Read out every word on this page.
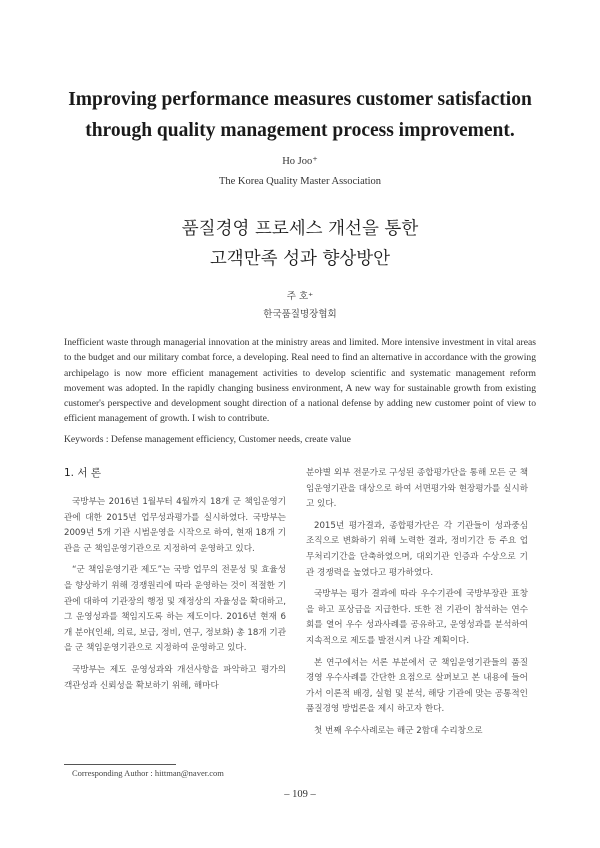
Improving performance measures customer satisfaction
through quality management process improvement.
Ho Joo⁺
The Korea Quality Master Association
품질경영 프로세스 개선을 통한
고객만족 성과 향상방안
주 호⁺
한국품질명장협회
Inefficient waste through managerial innovation at the ministry areas and limited. More intensive investment in vital areas to the budget and our military combat force, a developing. Real need to find an alternative in accordance with the growing archipelago is now more efficient management activities to develop scientific and systematic management reform movement was adopted. In the rapidly changing business environment, A new way for sustainable growth from existing customer's perspective and development sought direction of a national defense by adding new customer point of view to efficient management of growth. I wish to contribute.
Keywords : Defense management efficiency, Customer needs, create value
1. 서 론

국방부는 2016년 1월부터 4월까지 18개 군 책임운영기관에 대한 2015년 업무성과평가를 실시하였다. 국방부는 2009년 5개 기관 시범운영을 시작으로 하여, 현재 18개 기관을 군 책임운영기관으로 지정하여 운영하고 있다.

“군 책임운영기관 제도”는 국방 업무의 전문성 및 효율성을 향상하기 위해 경쟁원리에 따라 운영하는 것이 적절한 기관에 대하여 기관장의 행정 및 재정상의 자율성을 확대하고, 그 운영성과를 책임지도록 하는 제도이다. 2016년 현재 6개 분야(인쇄, 의료, 보급, 정비, 연구, 정보화) 총 18개 기관을 군 책임운영기관으로 지정하여 운영하고 있다.

국방부는 제도 운영성과와 개선사항을 파악하고 평가의 객관성과 신뢰성을 확보하기 위해, 해마다

분야별 외부 전문가로 구성된 종합평가단을 통해 모든 군 책임운영기관을 대상으로 하여 서면평가와 현장평가를 실시하고 있다.

2015년 평가결과, 종합평가단은 각 기관들이 성과중심 조직으로 변화하기 위해 노력한 결과, 정비기간 등 주요 업무처리기간을 단축하였으며, 대외기관 인증과 수상으로 기관 경쟁력을 높였다고 평가하였다.

국방부는 평가 결과에 따라 우수기관에 국방부장관 표창을 하고 포상금을 지급한다. 또한 전 기관이 참석하는 연수회를 열어 우수 성과사례를 공유하고, 운영성과를 분석하여 지속적으로 제도를 발전시켜 나갈 계획이다.

본 연구에서는 서론 부분에서 군 책임운영기관들의 품질경영 우수사례를 간단한 요점으로 살펴보고 본 내용에 들어가서 이론적 배경, 실험 및 분석, 해당 기관에 맞는 공통적인 품질경영 방법론을 제시 하고자 한다.

첫 번째 우수사례로는 해군 2함대 수리창으로

Corresponding Author : hittman@naver.com
– 109 –
